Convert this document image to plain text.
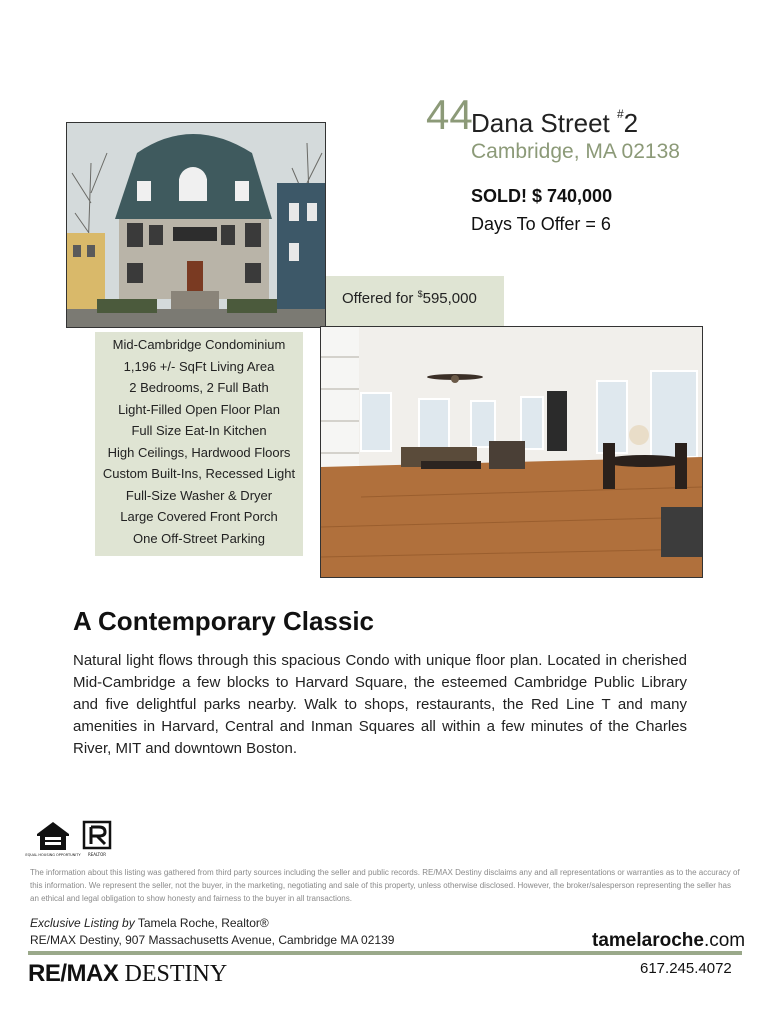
44
Dana Street #2
Cambridge, MA 02138
SOLD! $ 740,000
Days To Offer = 6
Offered for $595,000
Mid-Cambridge Condominium
1,196 +/- SqFt Living Area
2 Bedrooms, 2 Full Bath
Light-Filled Open Floor Plan
Full Size Eat-In Kitchen
High Ceilings, Hardwood Floors
Custom Built-Ins, Recessed Light
Full-Size Washer & Dryer
Large Covered Front Porch
One Off-Street Parking
A Contemporary Classic

Natural light flows through this spacious Condo with unique floor plan. Located in cherished Mid-Cambridge a few blocks to Harvard Square, the esteemed Cambridge Public Library and five delightful parks nearby. Walk to shops, restaurants, the Red Line T and many amenities in Harvard, Central and Inman Squares all within a few minutes of the Charles River, MIT and downtown Boston.

EQUAL HOUSING OPPORTUNITY REALTOR

The information about this listing was gathered from third party sources including the seller and public records. RE/MAX Destiny disclaims any and all representations or warranties as to the accuracy of this information. We represent the seller, not the buyer, in the marketing, negotiating and sale of this property, unless otherwise disclosed. However, the broker/salesperson representing the seller has an ethical and legal obligation to show honesty and fairness to the buyer in all transactions.

Exclusive Listing by Tamela Roche, Realtor®
RE/MAX Destiny, 907 Massachusetts Avenue, Cambridge MA 02139	tamelaroche.com
RE/MAX DESTINY	617.245.4072
